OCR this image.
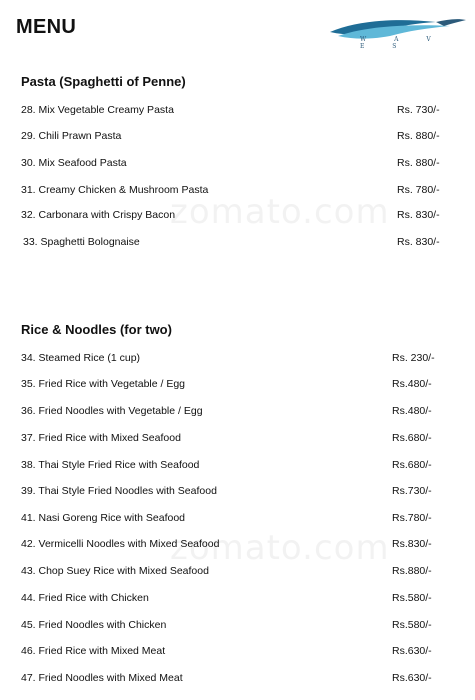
MENU
W A V E S
zomato.com
zomato.com
Pasta (Spaghetti of Penne)
28. Mix Vegetable Creamy Pasta	Rs. 730/-
29. Chili Prawn Pasta	Rs. 880/-
30. Mix Seafood Pasta	Rs. 880/-
31. Creamy Chicken & Mushroom Pasta	Rs. 780/-
32. Carbonara with Crispy Bacon	Rs. 830/-
33. Spaghetti Bolognaise	Rs. 830/-
Rice & Noodles (for two)
34. Steamed Rice (1 cup)	Rs. 230/-
35. Fried Rice with Vegetable / Egg	Rs.480/-
36. Fried Noodles with Vegetable / Egg	Rs.480/-
37. Fried Rice with Mixed Seafood	Rs.680/-
38. Thai Style Fried Rice with Seafood	Rs.680/-
39. Thai Style Fried Noodles with Seafood	Rs.730/-
41. Nasi Goreng Rice with Seafood	Rs.780/-
42. Vermicelli Noodles with Mixed Seafood	Rs.830/-
43. Chop Suey Rice with Mixed Seafood	Rs.880/-
44. Fried Rice with Chicken	Rs.580/-
45. Fried Noodles with Chicken	Rs.580/-
46. Fried Rice with Mixed Meat	Rs.630/-
47. Fried Noodles with Mixed Meat	Rs.630/-
